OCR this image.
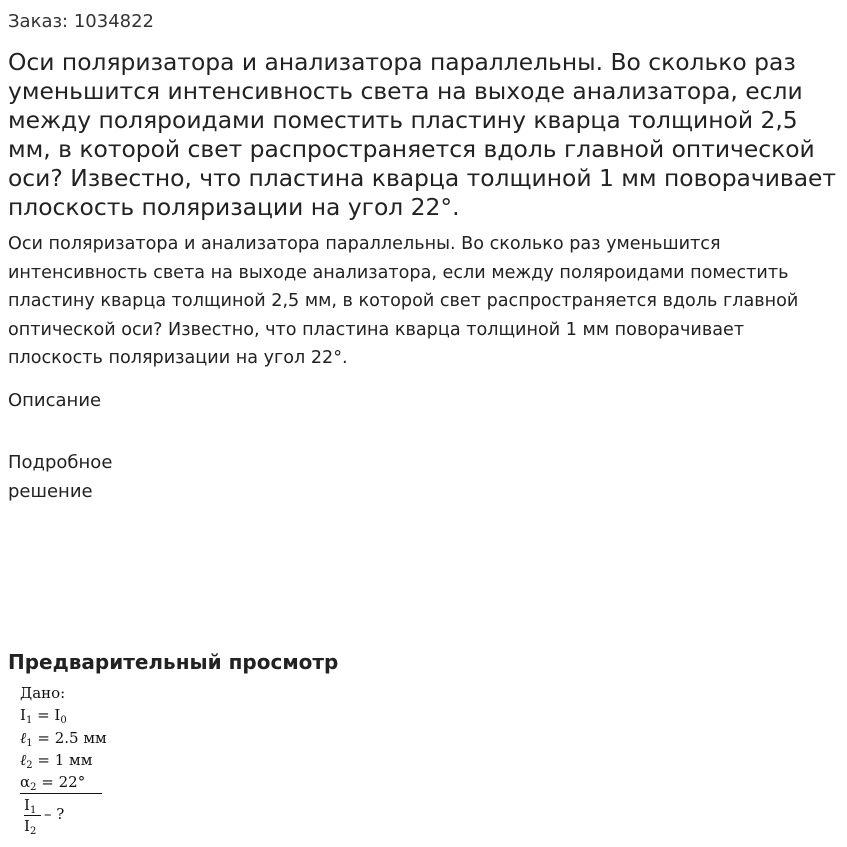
Заказ: 1034822
Оси поляризатора и анализатора параллельны. Во сколько раз уменьшится интенсивность света на выходе анализатора, если между поляроидами поместить пластину кварца толщиной 2,5 мм, в которой свет распространяется вдоль главной оптической оси? Известно, что пластина кварца толщиной 1 мм поворачивает плоскость поляризации на угол 22°.

Оси поляризатора и анализатора параллельны. Во сколько раз уменьшится интенсивность света на выходе анализатора, если между поляроидами поместить пластину кварца толщиной 2,5 мм, в которой свет распространяется вдоль главной оптической оси? Известно, что пластина кварца толщиной 1 мм поворачивает плоскость поляризации на угол 22°.

Описание
Подробное решение
Предварительный просмотр
Дано:
$I_1 = I_0$
ℓ$_1$ = 2.5 мм
ℓ$_2$ = 1 мм
$\alpha_2 = 22^\circ$
$I_1$
$I_2$
– ?
